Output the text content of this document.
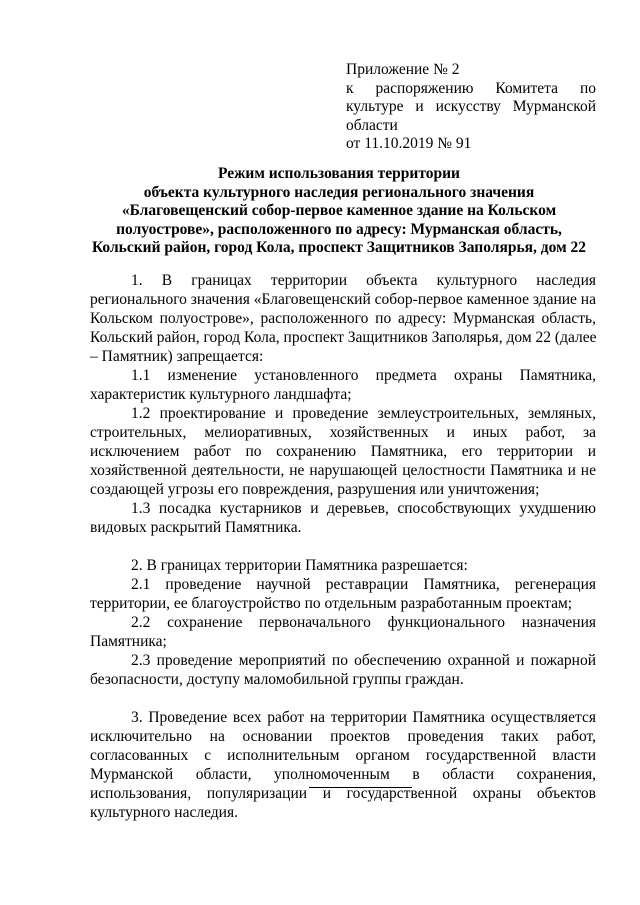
Приложение № 2
к распоряжению Комитета по
культуре и искусству Мурманской
области
от 11.10.2019 № 91
Режим использования территории
объекта культурного наследия регионального значения
«Благовещенский собор-первое каменное здание на Кольском
полуострове», расположенного по адресу: Мурманская область,
Кольский район, город Кола, проспект Защитников Заполярья, дом 22
1. В границах территории объекта культурного наследия
регионального значения «Благовещенский собор-первое каменное здание на
Кольском полуострове», расположенного по адресу: Мурманская область,
Кольский район, город Кола, проспект Защитников Заполярья, дом 22 (далее
– Памятник) запрещается:
1.1 изменение установленного предмета охраны Памятника,
характеристик культурного ландшафта;
1.2 проектирование и проведение землеустроительных, земляных,
строительных, мелиоративных, хозяйственных и иных работ, за
исключением работ по сохранению Памятника, его территории и
хозяйственной деятельности, не нарушающей целостности Памятника и не
создающей угрозы его повреждения, разрушения или уничтожения;
1.3 посадка кустарников и деревьев, способствующих ухудшению
видовых раскрытий Памятника.
2. В границах территории Памятника разрешается:
2.1 проведение научной реставрации Памятника, регенерация
территории, ее благоустройство по отдельным разработанным проектам;
2.2 сохранение первоначального функционального назначения
Памятника;
2.3 проведение мероприятий по обеспечению охранной и пожарной
безопасности, доступу маломобильной группы граждан.
3. Проведение всех работ на территории Памятника осуществляется
исключительно на основании проектов проведения таких работ,
согласованных с исполнительным органом государственной власти
Мурманской области, уполномоченным в области сохранения,
использования, популяризации и государственной охраны объектов
культурного наследия.
